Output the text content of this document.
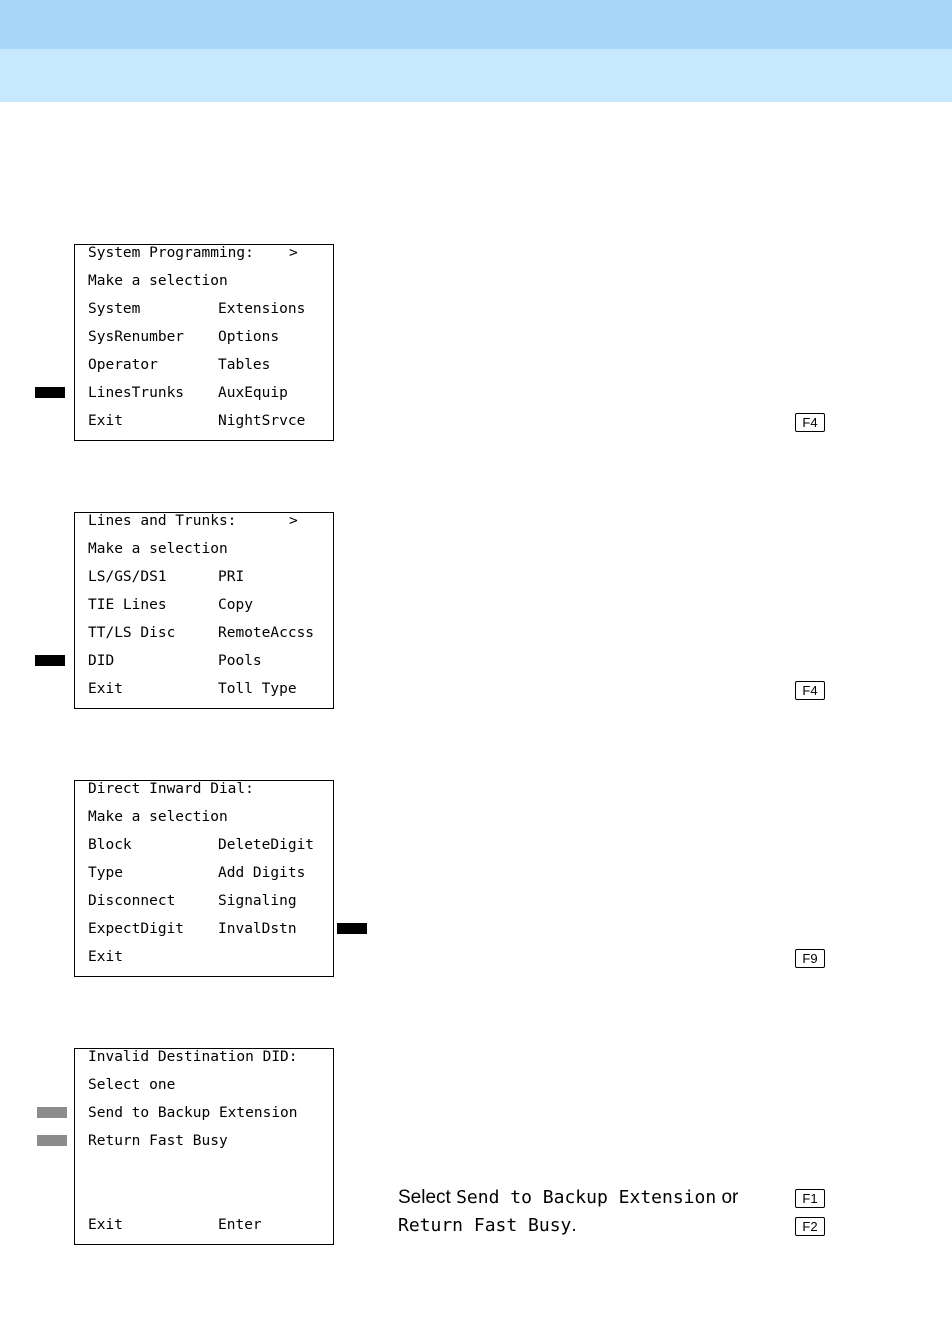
System Programming: >
Make a selection
System	Extensions
SysRenumber Options
Operator	Tables
LinesTrunks AuxEquip
Exit	NightSrvce	F4
Lines and Trunks:	>
Make a selection
LS/GS/DS1	PRI
TIE Lines	Copy
TT/LS Disc	RemoteAccss
DID	Pools
Exit	Toll Type	F4
Direct Inward Dial:
Make a selection
Block	DeleteDigit
Type	Add Digits
Disconnect	Signaling
ExpectDigit InvalDstn
Exit	F9
Invalid Destination DID:
Select one
Send to Backup Extension
Return Fast Busy
Exit	Enter
Select Send to Backup Extension or
Return Fast Busy.
F1
F2
